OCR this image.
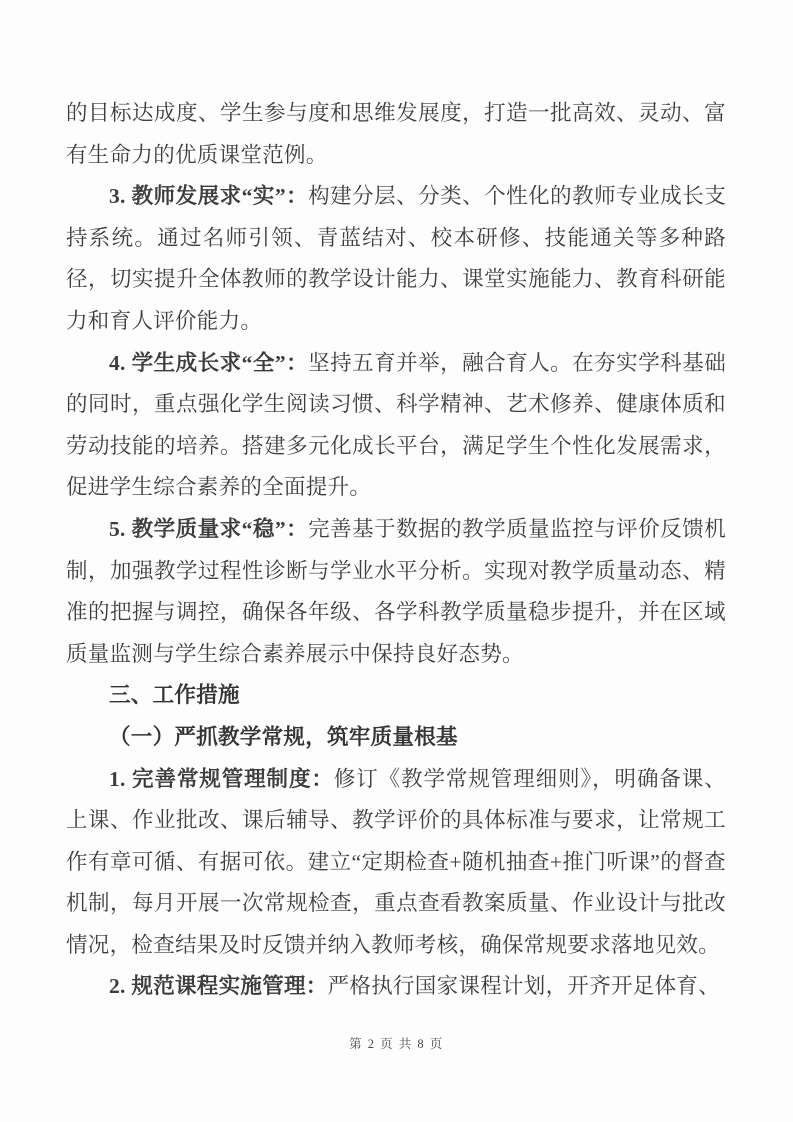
的目标达成度、学生参与度和思维发展度，打造一批高效、灵动、富有生命力的优质课堂范例。

3. 教师发展求“实”：构建分层、分类、个性化的教师专业成长支持系统。通过名师引领、青蓝结对、校本研修、技能通关等多种路径，切实提升全体教师的教学设计能力、课堂实施能力、教育科研能力和育人评价能力。

4. 学生成长求“全”：坚持五育并举，融合育人。在夯实学科基础的同时，重点强化学生阅读习惯、科学精神、艺术修养、健康体质和劳动技能的培养。搭建多元化成长平台，满足学生个性化发展需求，促进学生综合素养的全面提升。

5. 教学质量求“稳”：完善基于数据的教学质量监控与评价反馈机制，加强教学过程性诊断与学业水平分析。实现对教学质量动态、精准的把握与调控，确保各年级、各学科教学质量稳步提升，并在区域质量监测与学生综合素养展示中保持良好态势。

三、工作措施

（一）严抓教学常规，筑牢质量根基

1. 完善常规管理制度：修订《教学常规管理细则》，明确备课、上课、作业批改、课后辅导、教学评价的具体标准与要求，让常规工作有章可循、有据可依。建立“定期检查+随机抽查+推门听课”的督查机制，每月开展一次常规检查，重点查看教案质量、作业设计与批改情况，检查结果及时反馈并纳入教师考核，确保常规要求落地见效。

2. 规范课程实施管理：严格执行国家课程计划，开齐开足体育、

第 2 页 共 8 页
